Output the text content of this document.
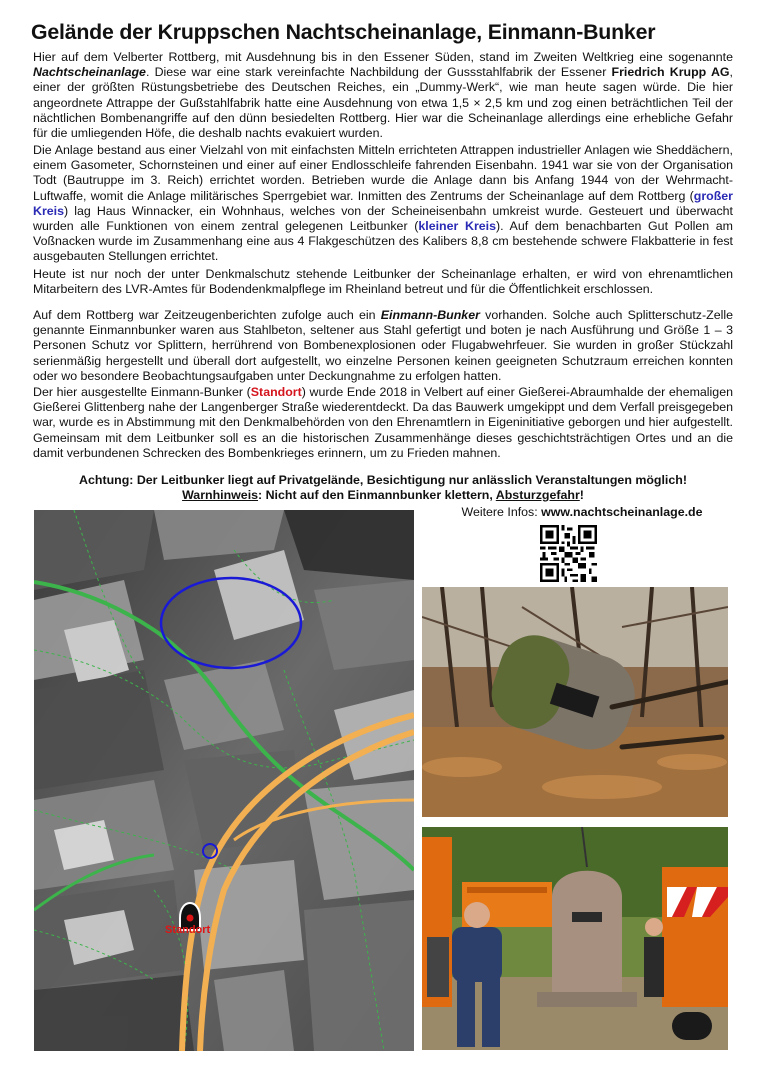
Gelände der Kruppschen Nachtscheinanlage, Einmann-Bunker

Hier auf dem Velberter Rottberg, mit Ausdehnung bis in den Essener Süden, stand im Zweiten Weltkrieg eine sogenannte Nachtscheinanlage. Diese war eine stark vereinfachte Nachbildung der Gussstahlfabrik der Essener Friedrich Krupp AG, einer der größten Rüstungsbetriebe des Deutschen Reiches, ein „Dummy-Werk“, wie man heute sagen würde. Die hier angeordnete Attrappe der Gußstahlfabrik hatte eine Ausdehnung von etwa 1,5 × 2,5 km und zog einen beträchtlichen Teil der nächtlichen Bombenangriffe auf den dünn besiedelten Rottberg. Hier war die Scheinanlage allerdings eine erhebliche Gefahr für die umliegenden Höfe, die deshalb nachts evakuiert wurden.

Die Anlage bestand aus einer Vielzahl von mit einfachsten Mitteln errichteten Attrappen industrieller Anlagen wie Sheddächern, einem Gasometer, Schornsteinen und einer auf einer Endlosschleife fahrenden Eisenbahn. 1941 war sie von der Organisation Todt (Bautruppe im 3. Reich) errichtet worden. Betrieben wurde die Anlage dann bis Anfang 1944 von der Wehrmacht-Luftwaffe, womit die Anlage militärisches Sperrgebiet war. Inmitten des Zentrums der Scheinanlage auf dem Rottberg (großer Kreis) lag Haus Winnacker, ein Wohnhaus, welches von der Scheineisenbahn umkreist wurde. Gesteuert und überwacht wurden alle Funktionen von einem zentral gelegenen Leitbunker (kleiner Kreis). Auf dem benachbarten Gut Pollen am Voßnacken wurde im Zusammenhang eine aus 4 Flakgeschützen des Kalibers 8,8 cm bestehende schwere Flakbatterie in fest ausgebauten Stellungen errichtet.

Heute ist nur noch der unter Denkmalschutz stehende Leitbunker der Scheinanlage erhalten, er wird von ehrenamtlichen Mitarbeitern des LVR-Amtes für Bodendenkmalpflege im Rheinland betreut und für die Öffentlichkeit erschlossen.

Auf dem Rottberg war Zeitzeugenberichten zufolge auch ein Einmann-Bunker vorhanden. Solche auch Splitterschutz-Zelle genannte Einmannbunker waren aus Stahlbeton, seltener aus Stahl gefertigt und boten je nach Ausführung und Größe 1 – 3 Personen Schutz vor Splittern, herrührend von Bombenexplosionen oder Flugabwehrfeuer. Sie wurden in großer Stückzahl serienmäßig hergestellt und überall dort aufgestellt, wo einzelne Personen keinen geeigneten Schutzraum erreichen konnten oder wo besondere Beobachtungsaufgaben unter Deckungnahme zu erfolgen hatten.

Der hier ausgestellte Einmann-Bunker (Standort) wurde Ende 2018 in Velbert auf einer Gießerei-Abraumhalde der ehemaligen Gießerei Glittenberg nahe der Langenberger Straße wiederentdeckt. Da das Bauwerk umgekippt und dem Verfall preisgegeben war, wurde es in Abstimmung mit den Denkmalbehörden von den Ehrenamtlern in Eigeninitiative geborgen und hier aufgestellt. Gemeinsam mit dem Leitbunker soll es an die historischen Zusammenhänge dieses geschichtsträchtigen Ortes und an die damit verbundenen Schrecken des Bombenkrieges erinnern, um zu Frieden mahnen.

Achtung: Der Leitbunker liegt auf Privatgelände, Besichtigung nur anlässlich Veranstaltungen möglich!

Warnhinweis: Nicht auf den Einmannbunker klettern, Absturzgefahr!

Standort

Weitere Infos: www.nachtscheinanlage.de
